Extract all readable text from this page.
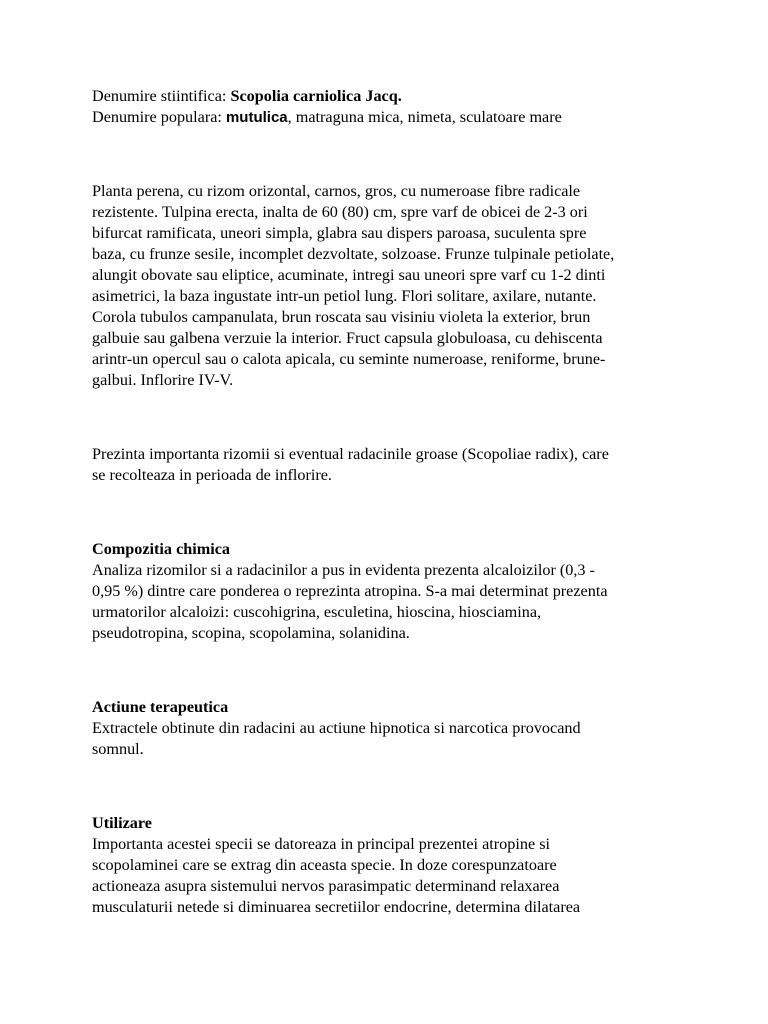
Denumire stiintifica: Scopolia carniolica Jacq.

Denumire populara: mutulica, matraguna mica, nimeta, sculatoare mare

Planta perena, cu rizom orizontal, carnos, gros, cu numeroase fibre radicale

rezistente. Tulpina erecta, inalta de 60 (80) cm, spre varf de obicei de 2-3 ori

bifurcat ramificata, uneori simpla, glabra sau dispers paroasa, suculenta spre

baza, cu frunze sesile, incomplet dezvoltate, solzoase. Frunze tulpinale petiolate,

alungit obovate sau eliptice, acuminate, intregi sau uneori spre varf cu 1-2 dinti

asimetrici, la baza ingustate intr-un petiol lung. Flori solitare, axilare, nutante.

Corola tubulos campanulata, brun roscata sau visiniu violeta la exterior, brun

galbuie sau galbena verzuie la interior. Fruct capsula globuloasa, cu dehiscenta

arintr-un opercul sau o calota apicala, cu seminte numeroase, reniforme, brune-

galbui. Inflorire IV-V.

Prezinta importanta rizomii si eventual radacinile groase (Scopoliae radix), care

se recolteaza in perioada de inflorire.

Compozitia chimica

Analiza rizomilor si a radacinilor a pus in evidenta prezenta alcaloizilor (0,3 -

0,95 %) dintre care ponderea o reprezinta atropina. S-a mai determinat prezenta

urmatorilor alcaloizi: cuscohigrina, esculetina, hioscina, hiosciamina,

pseudotropina, scopina, scopolamina, solanidina.

Actiune terapeutica

Extractele obtinute din radacini au actiune hipnotica si narcotica provocand

somnul.

Utilizare

Importanta acestei specii se datoreaza in principal prezentei atropine si

scopolaminei care se extrag din aceasta specie. In doze corespunzatoare

actioneaza asupra sistemului nervos parasimpatic determinand relaxarea

musculaturii netede si diminuarea secretiilor endocrine, determina dilatarea
